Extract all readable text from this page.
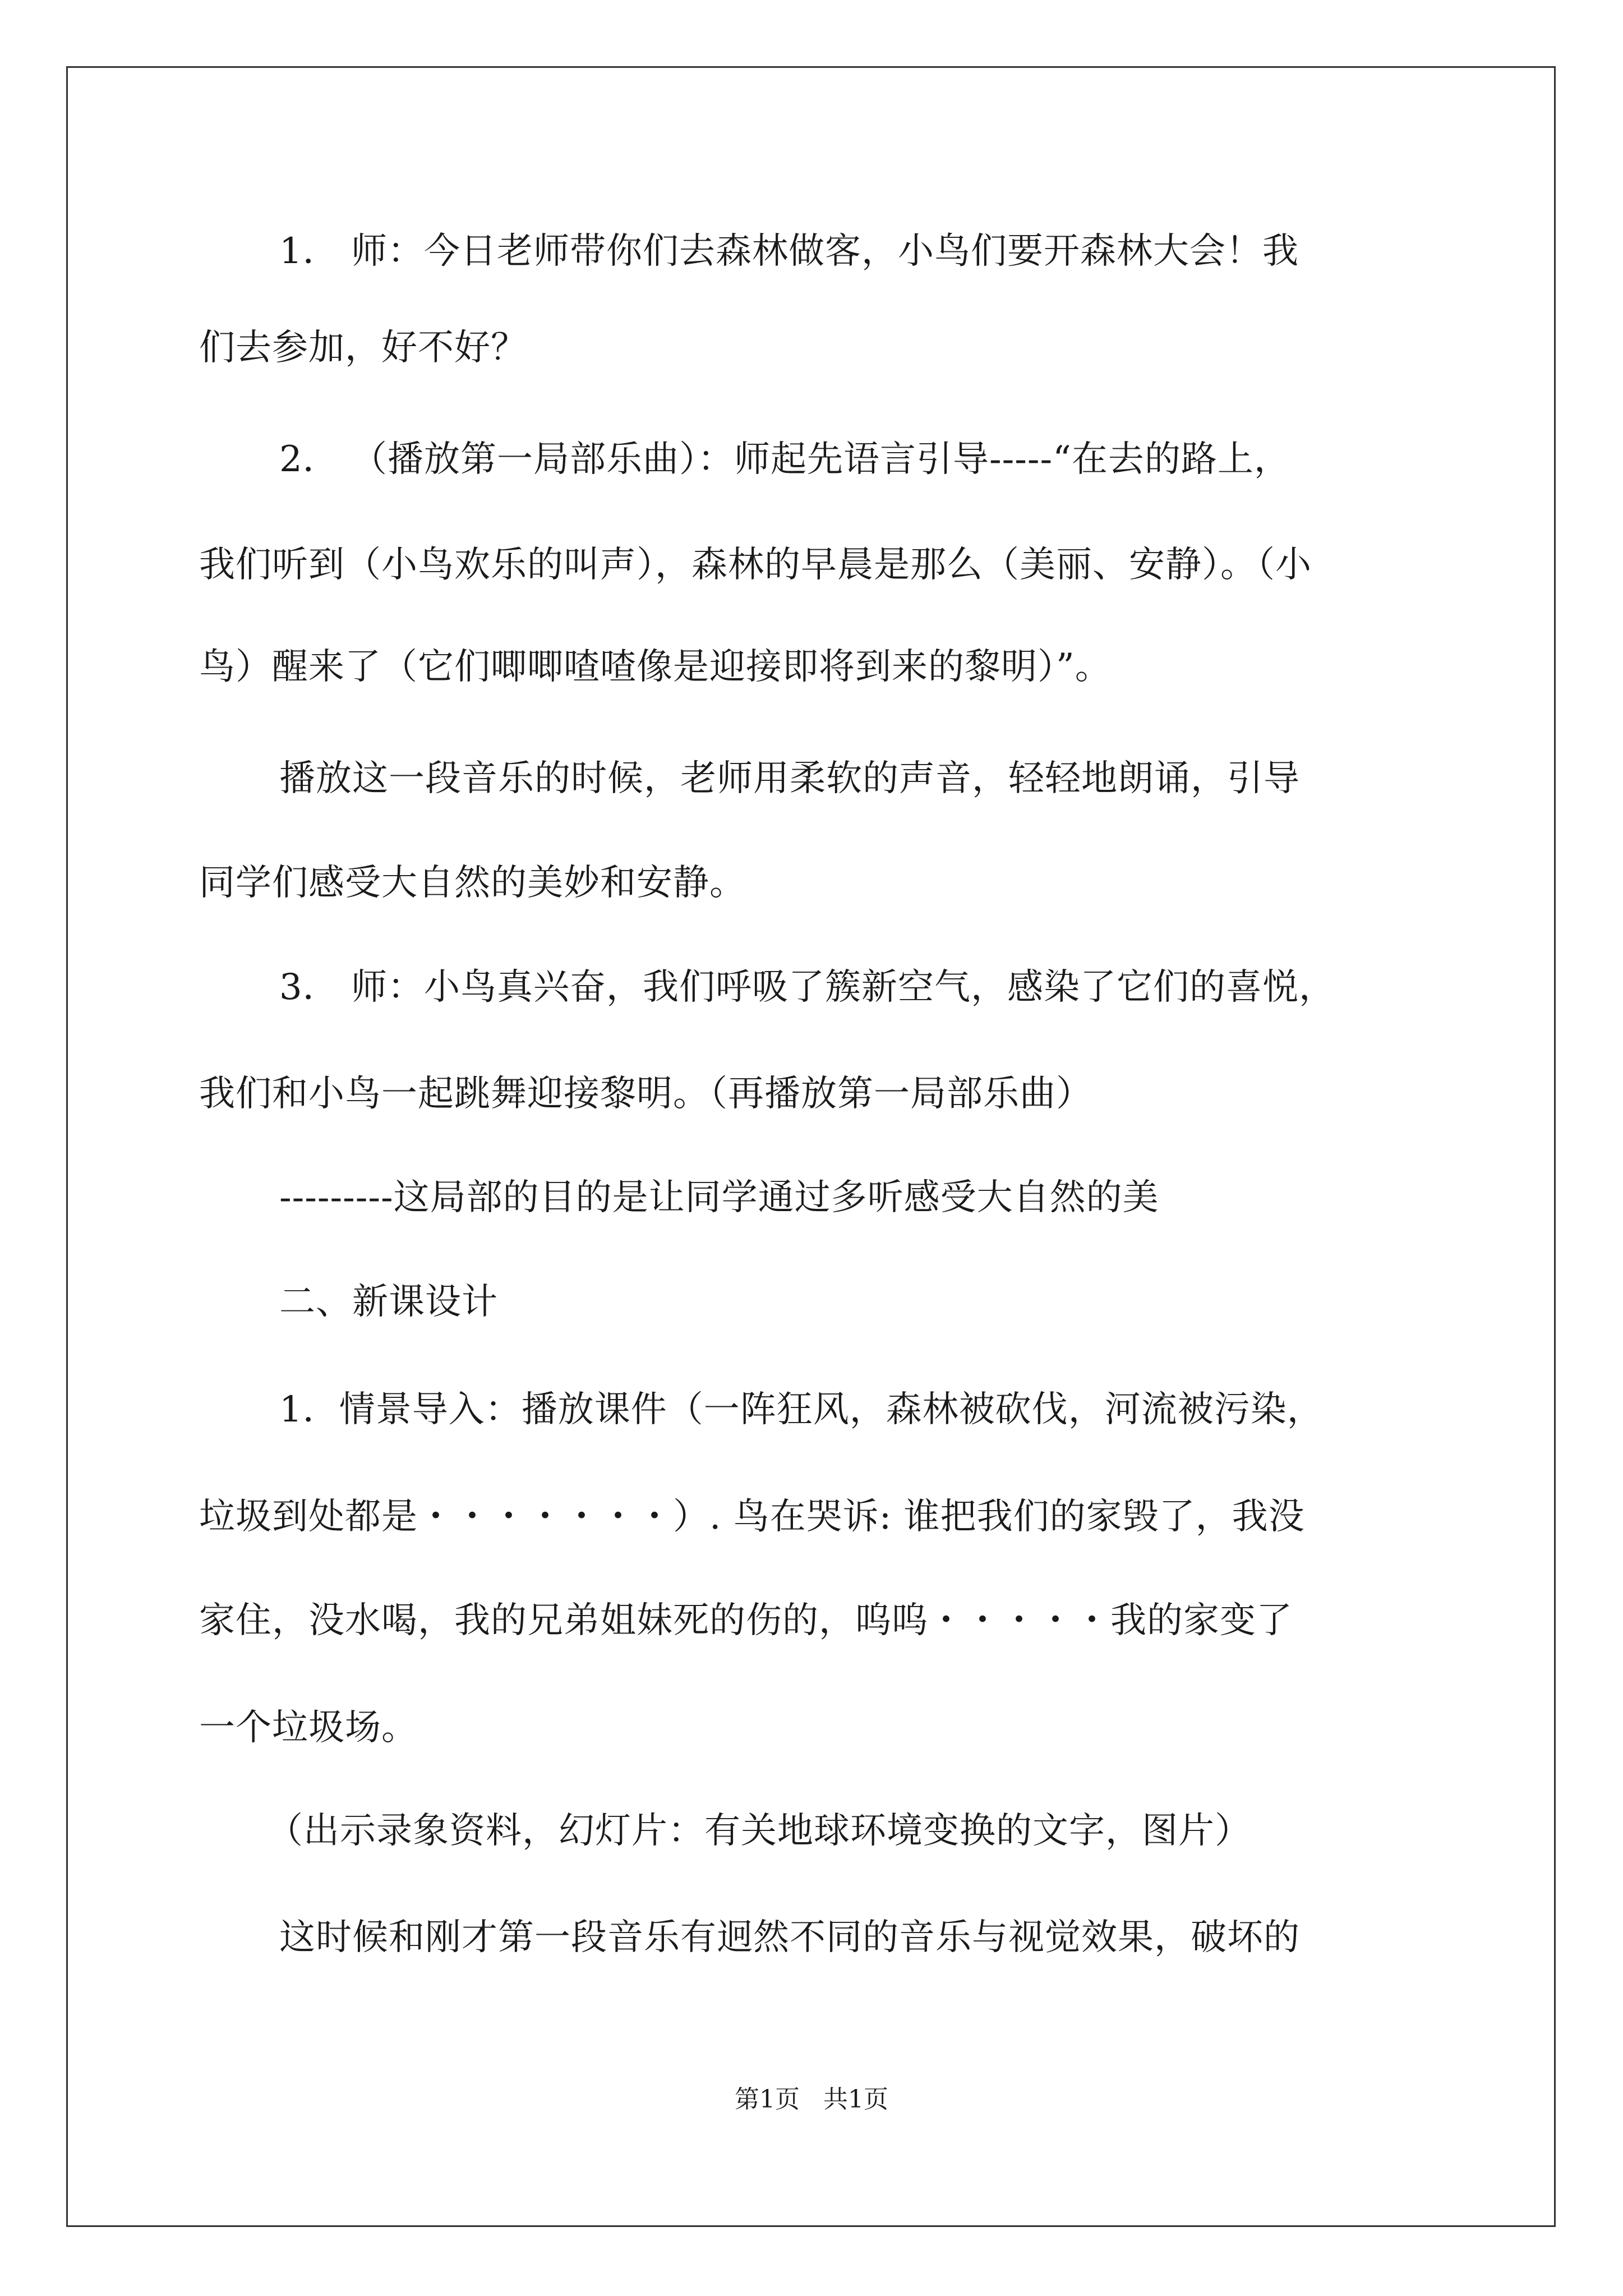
1． 师：今日老师带你们去森林做客，小鸟们要开森林大会！我
们去参加，好不好？
2． （播放第一局部乐曲）：师起先语言引导-----“在去的路上，
我们听到（小鸟欢乐的叫声），森林的早晨是那么（美丽、安静）。（小
鸟）醒来了（它们唧唧喳喳像是迎接即将到来的黎明）”。
播放这一段音乐的时候，老师用柔软的声音，轻轻地朗诵，引导
同学们感受大自然的美妙和安静。
3． 师：小鸟真兴奋，我们呼吸了簇新空气，感染了它们的喜悦，
我们和小鸟一起跳舞迎接黎明。（再播放第一局部乐曲）
---------这局部的目的是让同学通过多听感受大自然的美
二、新课设计
1．情景导入：播放课件（一阵狂风，森林被砍伐，河流被污染，
垃圾到处都是・・・・・・・）. 鸟在哭诉: 谁把我们的家毁了，我没
家住，没水喝，我的兄弟姐妹死的伤的，呜呜・・・・・我的家变了
一个垃圾场。
（出示录象资料，幻灯片：有关地球环境变换的文字，图片）
这时候和刚才第一段音乐有迥然不同的音乐与视觉效果，破坏的
第1页   共1页
